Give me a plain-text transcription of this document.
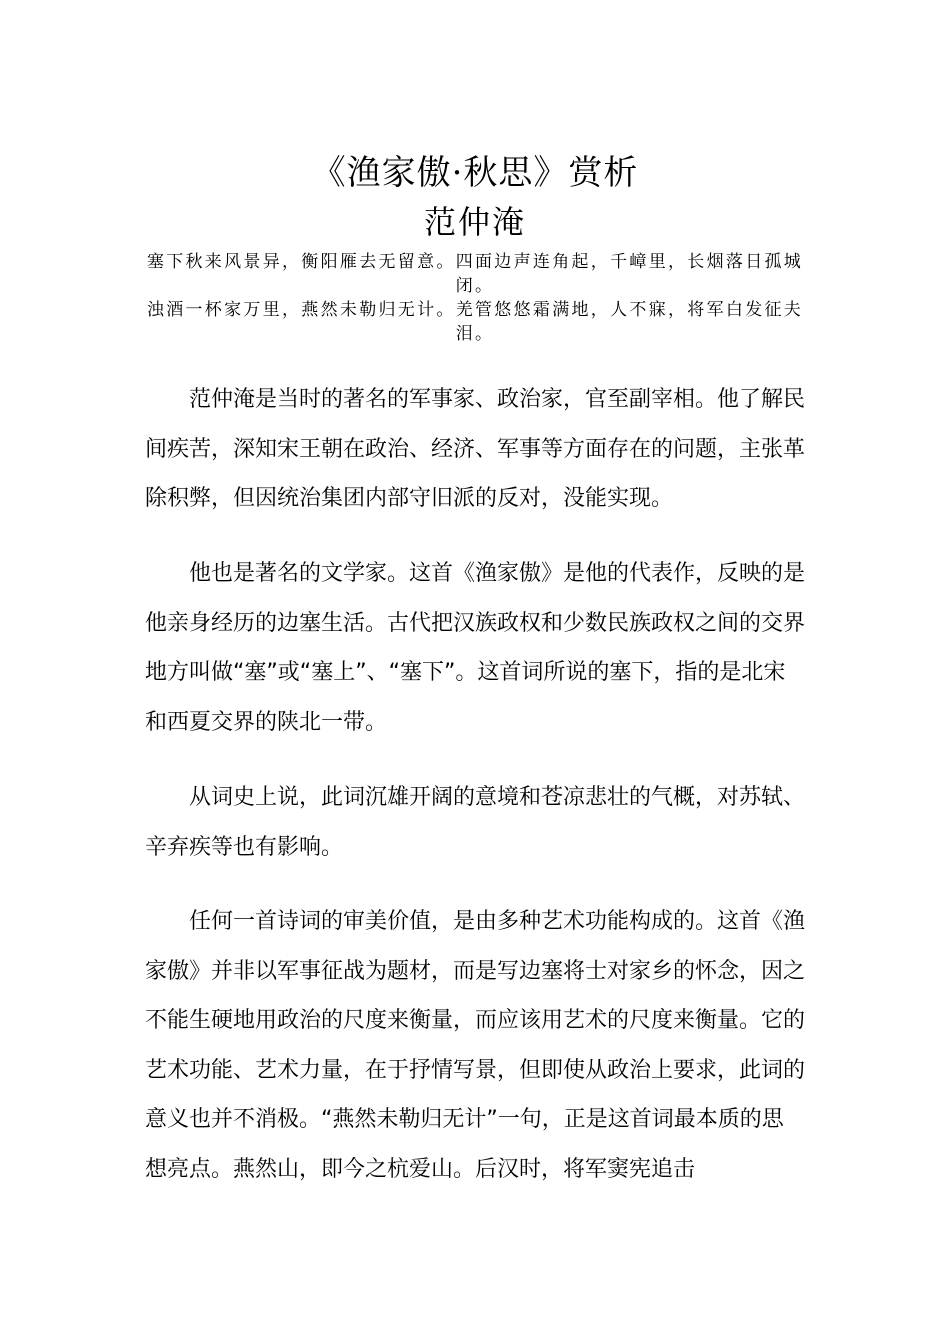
《渔家傲·秋思》赏析
范仲淹
塞下秋来风景异，衡阳雁去无留意。四面边声连角起，千嶂里，长烟落日孤城
闭。
浊酒一杯家万里，燕然未勒归无计。羌管悠悠霜满地，人不寐，将军白发征夫
泪。

范仲淹是当时的著名的军事家、政治家，官至副宰相。他了解民间疾苦，深知宋王朝在政治、经济、军事等方面存在的问题，主张革除积弊，但因统治集团内部守旧派的反对，没能实现。

他也是著名的文学家。这首《渔家傲》是他的代表作，反映的是他亲身经历的边塞生活。古代把汉族政权和少数民族政权之间的交界地方叫做“塞”或“塞上”、“塞下”。这首词所说的塞下，指的是北宋和西夏交界的陕北一带。

从词史上说，此词沉雄开阔的意境和苍凉悲壮的气概，对苏轼、辛弃疾等也有影响。

任何一首诗词的审美价值，是由多种艺术功能构成的。这首《渔家傲》并非以军事征战为题材，而是写边塞将士对家乡的怀念，因之不能生硬地用政治的尺度来衡量，而应该用艺术的尺度来衡量。它的艺术功能、艺术力量，在于抒情写景，但即使从政治上要求，此词的意义也并不消极。“燕然未勒归无计”一句，正是这首词最本质的思想亮点。燕然山，即今之杭爱山。后汉时，将军窦宪追击
